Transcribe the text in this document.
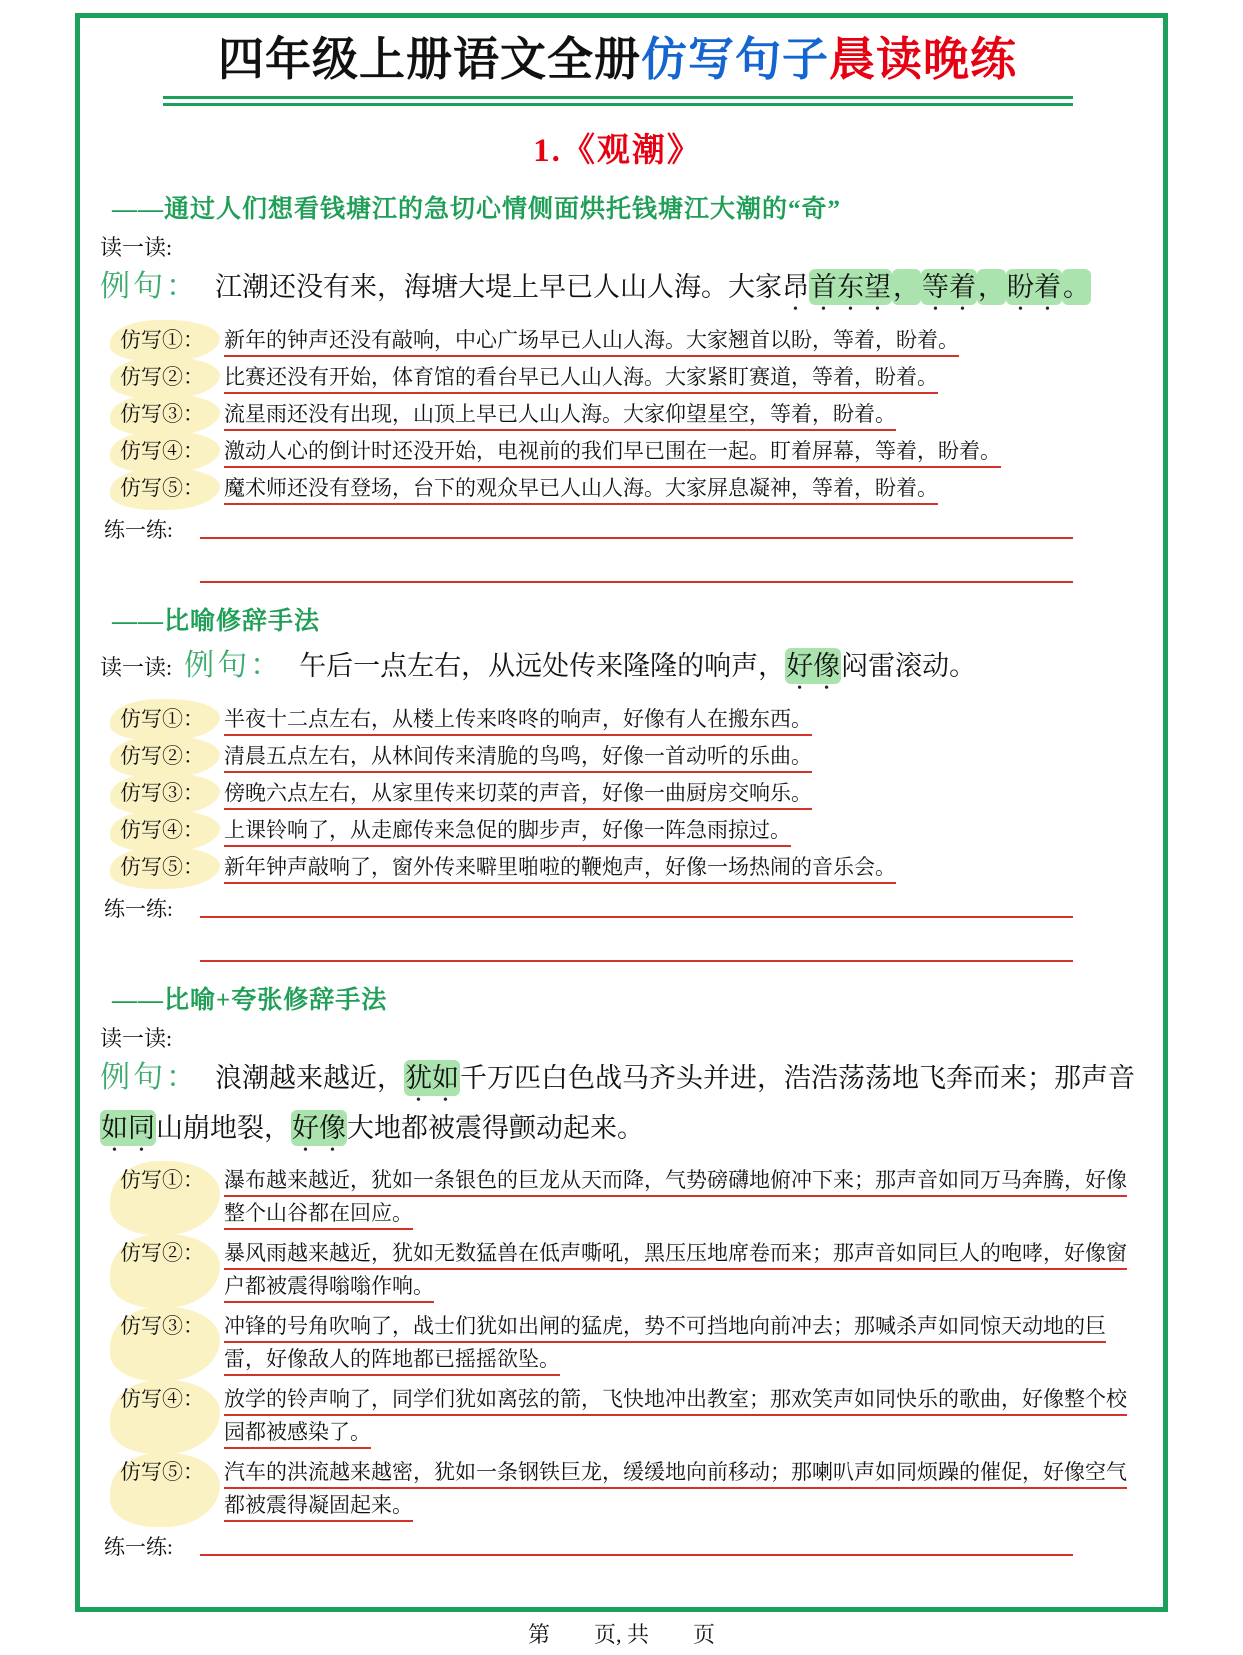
四年级上册语文全册仿写句子晨读晚练
1.《观潮》
——通过人们想看钱塘江的急切心情侧面烘托钱塘江大潮的“奇”
读一读:
例句： 江潮还没有来，海塘大堤上早已人山人海。大家昂首东望，等着，盼着。
仿写①： 新年的钟声还没有敲响，中心广场早已人山人海。大家翘首以盼，等着，盼着。
仿写②： 比赛还没有开始，体育馆的看台早已人山人海。大家紧盯赛道，等着，盼着。
仿写③： 流星雨还没有出现，山顶上早已人山人海。大家仰望星空，等着，盼着。
仿写④： 激动人心的倒计时还没开始，电视前的我们早已围在一起。盯着屏幕，等着，盼着。
仿写⑤： 魔术师还没有登场，台下的观众早已人山人海。大家屏息凝神，等着，盼着。
练一练:
——比喻修辞手法
读一读: 例句： 午后一点左右，从远处传来隆隆的响声，好像闷雷滚动。
仿写①： 半夜十二点左右，从楼上传来咚咚的响声，好像有人在搬东西。
仿写②： 清晨五点左右，从林间传来清脆的鸟鸣，好像一首动听的乐曲。
仿写③： 傍晚六点左右，从家里传来切菜的声音，好像一曲厨房交响乐。
仿写④： 上课铃响了，从走廊传来急促的脚步声，好像一阵急雨掠过。
仿写⑤： 新年钟声敲响了，窗外传来噼里啪啦的鞭炮声，好像一场热闹的音乐会。
练一练:
——比喻+夸张修辞手法
读一读:
例句： 浪潮越来越近，犹如千万匹白色战马齐头并进，浩浩荡荡地飞奔而来；那声音如同山崩地裂，好像大地都被震得颤动起来。
仿写①： 瀑布越来越近，犹如一条银色的巨龙从天而降，气势磅礴地俯冲下来；那声音如同万马奔腾，好像整个山谷都在回应。
仿写②： 暴风雨越来越近，犹如无数猛兽在低声嘶吼，黑压压地席卷而来；那声音如同巨人的咆哮，好像窗户都被震得嗡嗡作响。
仿写③： 冲锋的号角吹响了，战士们犹如出闸的猛虎，势不可挡地向前冲去；那喊杀声如同惊天动地的巨雷，好像敌人的阵地都已摇摇欲坠。
仿写④： 放学的铃声响了，同学们犹如离弦的箭，飞快地冲出教室；那欢笑声如同快乐的歌曲，好像整个校园都被感染了。
仿写⑤： 汽车的洪流越来越密，犹如一条钢铁巨龙，缓缓地向前移动；那喇叭声如同烦躁的催促，好像空气都被震得凝固起来。
练一练:
第　　页, 共　　页
